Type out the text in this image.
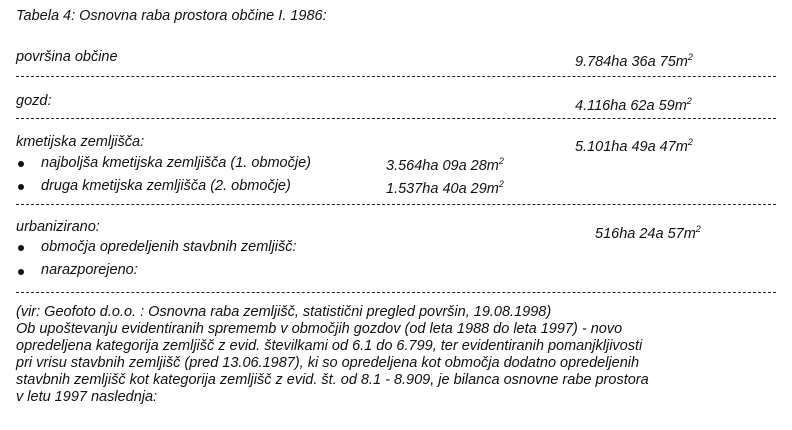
Tabela 4: Osnovna raba prostora občine I. 1986:
površina občine	9.784ha 36a $75m^2$
gozd:	4.116ha 62a $59m^2$
kmetijska zemljišča:	5.101ha 49a $47m^2$
najboljša kmetijska zemljišča (1. območje)	3.564ha 09a $28m^2$
druga kmetijska zemljišča (2. območje)	1.537ha 40a $29m^2$
urbanizirano:	516ha 24a $57m^2$
območja opredeljenih stavbnih zemljišč:
narazporejeno:
(vir: Geofoto d.o.o. : Osnovna raba zemljišč, statistični pregled površin, 19.08.1998)
Ob upoštevanju evidentiranih sprememb v območjih gozdov (od leta 1988 do leta 1997) - novo
opredeljena kategorija zemljišč z evid. številkami od 6.1 do 6.799, ter evidentiranih pomanjkljivosti
pri vrisu stavbnih zemljišč (pred 13.06.1987), ki so opredeljena kot območja dodatno opredeljenih
stavbnih zemljišč kot kategorija zemljišč z evid. št. od 8.1 - 8.909, je bilanca osnovne rabe prostora
v letu 1997 naslednja:
